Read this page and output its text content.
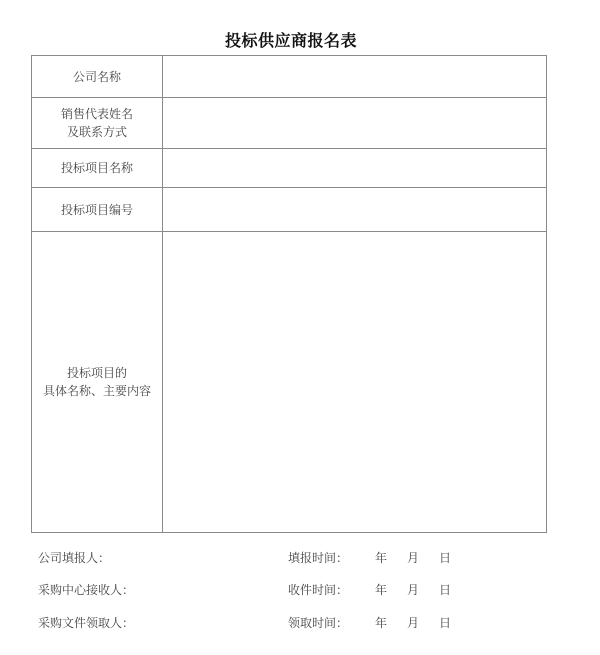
投标供应商报名表
公司名称	

销售代表姓名
及联系方式	

投标项目名称	

投标项目编号	

投标项目的
具体名称、主要内容	

公司填报人：	填报时间： 年 月 日
采购中心接收人：	收件时间： 年 月 日
采购文件领取人：	领取时间： 年 月 日
